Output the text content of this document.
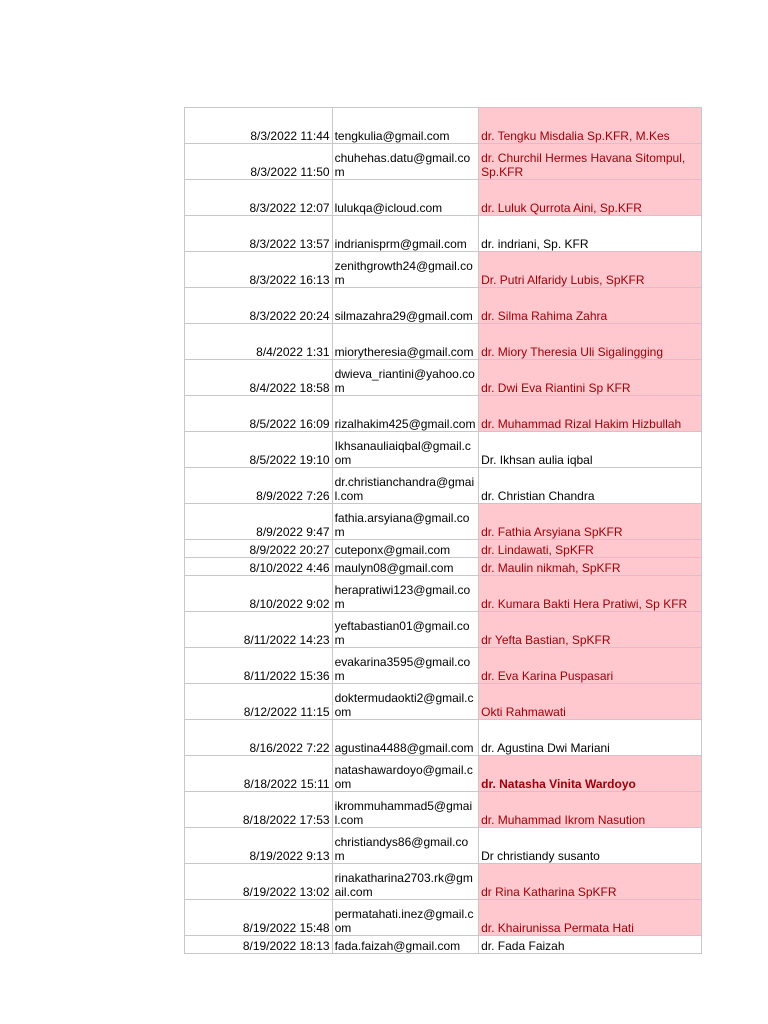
8/3/2022 11:44	tengkulia@gmail.com	dr. Tengku Misdalia Sp.KFR, M.Kes
8/3/2022 11:50	chuhehas.datu@gmail.com	dr. Churchil Hermes Havana Sitompul, Sp.KFR
8/3/2022 12:07	lulukqa@icloud.com	dr. Luluk Qurrota Aini, Sp.KFR
8/3/2022 13:57	indrianisprm@gmail.com	dr. indriani, Sp. KFR
8/3/2022 16:13	zenithgrowth24@gmail.com	Dr. Putri Alfaridy Lubis, SpKFR
8/3/2022 20:24	silmazahra29@gmail.com	dr. Silma Rahima Zahra
8/4/2022 1:31	miorytheresia@gmail.com	dr. Miory Theresia Uli Sigalingging
8/4/2022 18:58	dwieva_riantini@yahoo.com	dr. Dwi Eva Riantini Sp KFR
8/5/2022 16:09	rizalhakim425@gmail.com	dr. Muhammad Rizal Hakim Hizbullah
8/5/2022 19:10	Ikhsanauliaiqbal@gmail.com	Dr. Ikhsan aulia iqbal
8/9/2022 7:26	dr.christianchandra@gmail.com	dr. Christian Chandra
8/9/2022 9:47	fathia.arsyiana@gmail.com	dr. Fathia Arsyiana SpKFR
8/9/2022 20:27	cuteponx@gmail.com	dr. Lindawati, SpKFR
8/10/2022 4:46	maulyn08@gmail.com	dr. Maulin nikmah, SpKFR
8/10/2022 9:02	herapratiwi123@gmail.com	dr. Kumara Bakti Hera Pratiwi, Sp KFR
8/11/2022 14:23	yeftabastian01@gmail.com	dr Yefta Bastian, SpKFR
8/11/2022 15:36	evakarina3595@gmail.com	dr. Eva Karina Puspasari
8/12/2022 11:15	doktermudaokti2@gmail.com	Okti Rahmawati
8/16/2022 7:22	agustina4488@gmail.com	dr. Agustina Dwi Mariani
8/18/2022 15:11	natashawardoyo@gmail.com	dr. Natasha Vinita Wardoyo
8/18/2022 17:53	ikrommuhammad5@gmail.com	dr. Muhammad Ikrom Nasution
8/19/2022 9:13	christiandys86@gmail.com	Dr christiandy susanto
8/19/2022 13:02	rinakatharina2703.rk@gmail.com	dr Rina Katharina SpKFR
8/19/2022 15:48	permatahati.inez@gmail.com	dr. Khairunissa Permata Hati
8/19/2022 18:13	fada.faizah@gmail.com	dr. Fada Faizah
